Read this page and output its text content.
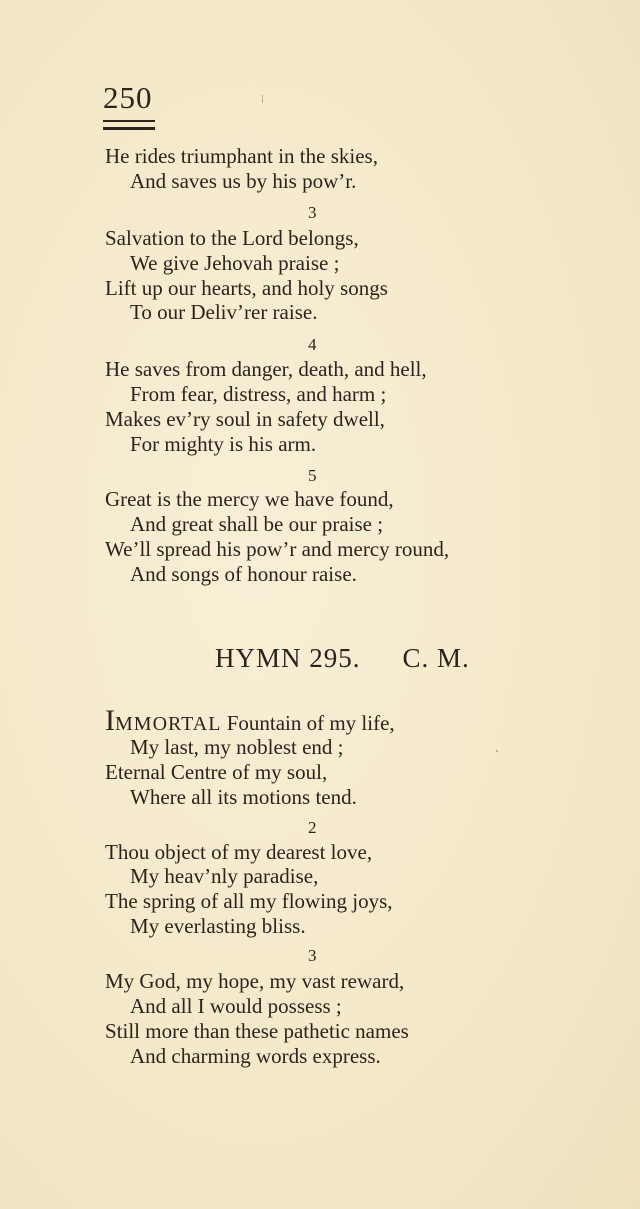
250
He rides triumphant in the skies,
And saves us by his pow’r.
3
Salvation to the Lord belongs,
We give Jehovah praise ;
Lift up our hearts, and holy songs
To our Deliv’rer raise.
4
He saves from danger, death, and hell,
From fear, distress, and harm ;
Makes ev’ry soul in safety dwell,
For mighty is his arm.
5
Great is the mercy we have found,
And great shall be our praise ;
We’ll spread his pow’r and mercy round,
And songs of honour raise.
HYMN 295. C. M.
IMMORTAL Fountain of my life,
My last, my noblest end ;
Eternal Centre of my soul,
Where all its motions tend.
2
Thou object of my dearest love,
My heav’nly paradise,
The spring of all my flowing joys,
My everlasting bliss.
3
My God, my hope, my vast reward,
And all I would possess ;
Still more than these pathetic names
And charming words express.
